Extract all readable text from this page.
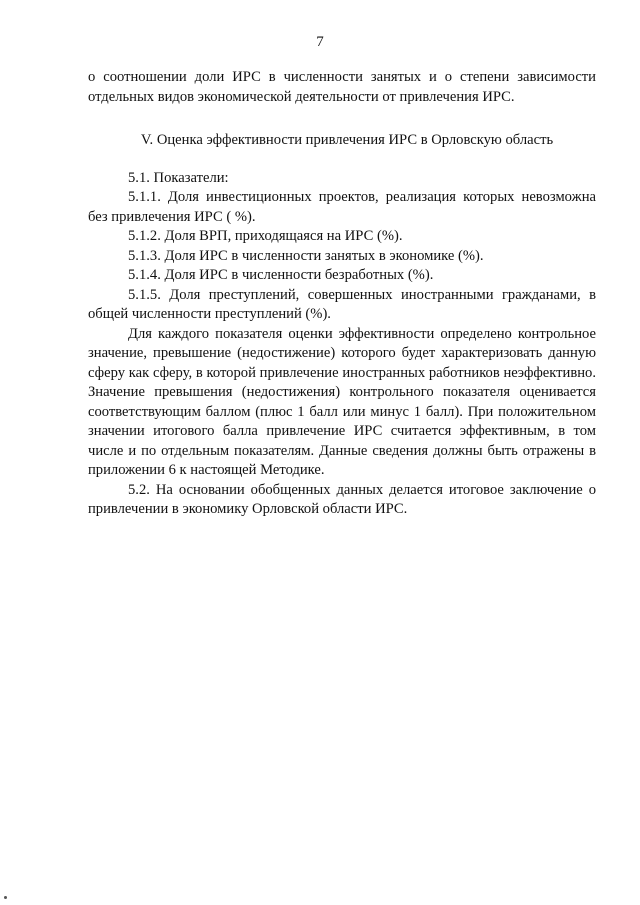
7

о соотношении доли ИРС в численности занятых и о степени зависимости отдельных видов экономической деятельности от привлечения ИРС.

V. Оценка эффективности привлечения ИРС в Орловскую область

5.1. Показатели:

5.1.1. Доля инвестиционных проектов, реализация которых невозможна без привлечения ИРС ( %).

5.1.2. Доля ВРП, приходящаяся на ИРС (%).

5.1.3. Доля ИРС в численности занятых в экономике (%).

5.1.4. Доля ИРС в численности безработных (%).

5.1.5. Доля преступлений, совершенных иностранными гражданами, в общей численности преступлений (%).

Для каждого показателя оценки эффективности определено контрольное значение, превышение (недостижение) которого будет характеризовать данную сферу как сферу, в которой привлечение иностранных работников неэффективно. Значение превышения (недостижения) контрольного показателя оценивается соответствующим баллом (плюс 1 балл или минус 1 балл). При положительном значении итогового балла привлечение ИРС считается эффективным, в том числе и по отдельным показателям. Данные сведения должны быть отражены в приложении 6 к настоящей Методике.

5.2. На основании обобщенных данных делается итоговое заключение о привлечении в экономику Орловской области ИРС.
